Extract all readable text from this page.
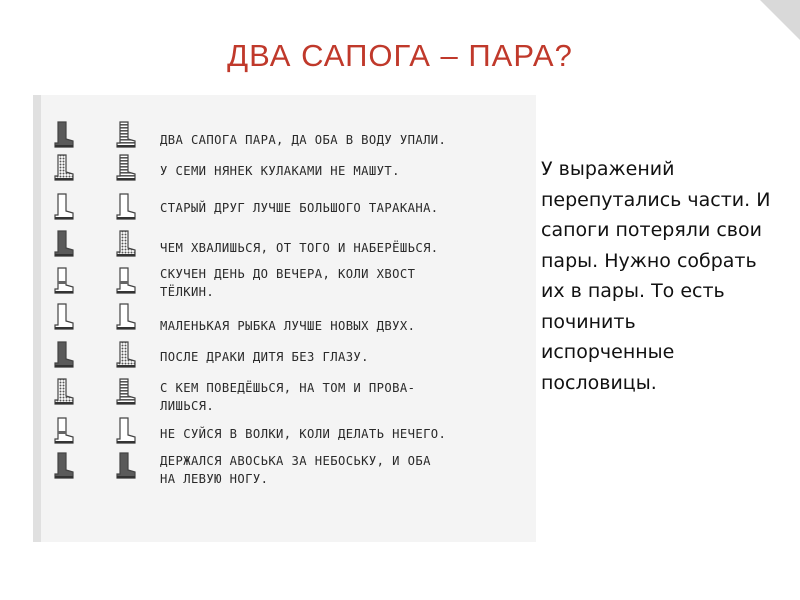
ДВА САПОГА – ПАРА?
ДВА САПОГА ПАРА, ДА ОБА В ВОДУ УПАЛИ.
У СЕМИ НЯНЕК КУЛАКАМИ НЕ МАШУТ.
СТАРЫЙ ДРУГ ЛУЧШЕ БОЛЬШОГО ТАРАКАНА.
ЧЕМ ХВАЛИШЬСЯ, ОТ ТОГО И НАБЕРЁШЬСЯ.
СКУЧЕН ДЕНЬ ДО ВЕЧЕРА, КОЛИ ХВОСТ
ТЁЛКИН.
МАЛЕНЬКАЯ РЫБКА ЛУЧШЕ НОВЫХ ДВУХ.
ПОСЛЕ ДРАКИ ДИТЯ БЕЗ ГЛАЗУ.
С КЕМ ПОВЕДЁШЬСЯ, НА ТОМ И ПРОВА-
ЛИШЬСЯ.
НЕ СУЙСЯ В ВОЛКИ, КОЛИ ДЕЛАТЬ НЕЧЕГО.
ДЕРЖАЛСЯ АВОСЬКА ЗА НЕБОСЬКУ, И ОБА
НА ЛЕВУЮ НОГУ.

У выражений перепутались части. И сапоги потеряли свои пары. Нужно собрать их в пары. То есть починить испорченные пословицы.
